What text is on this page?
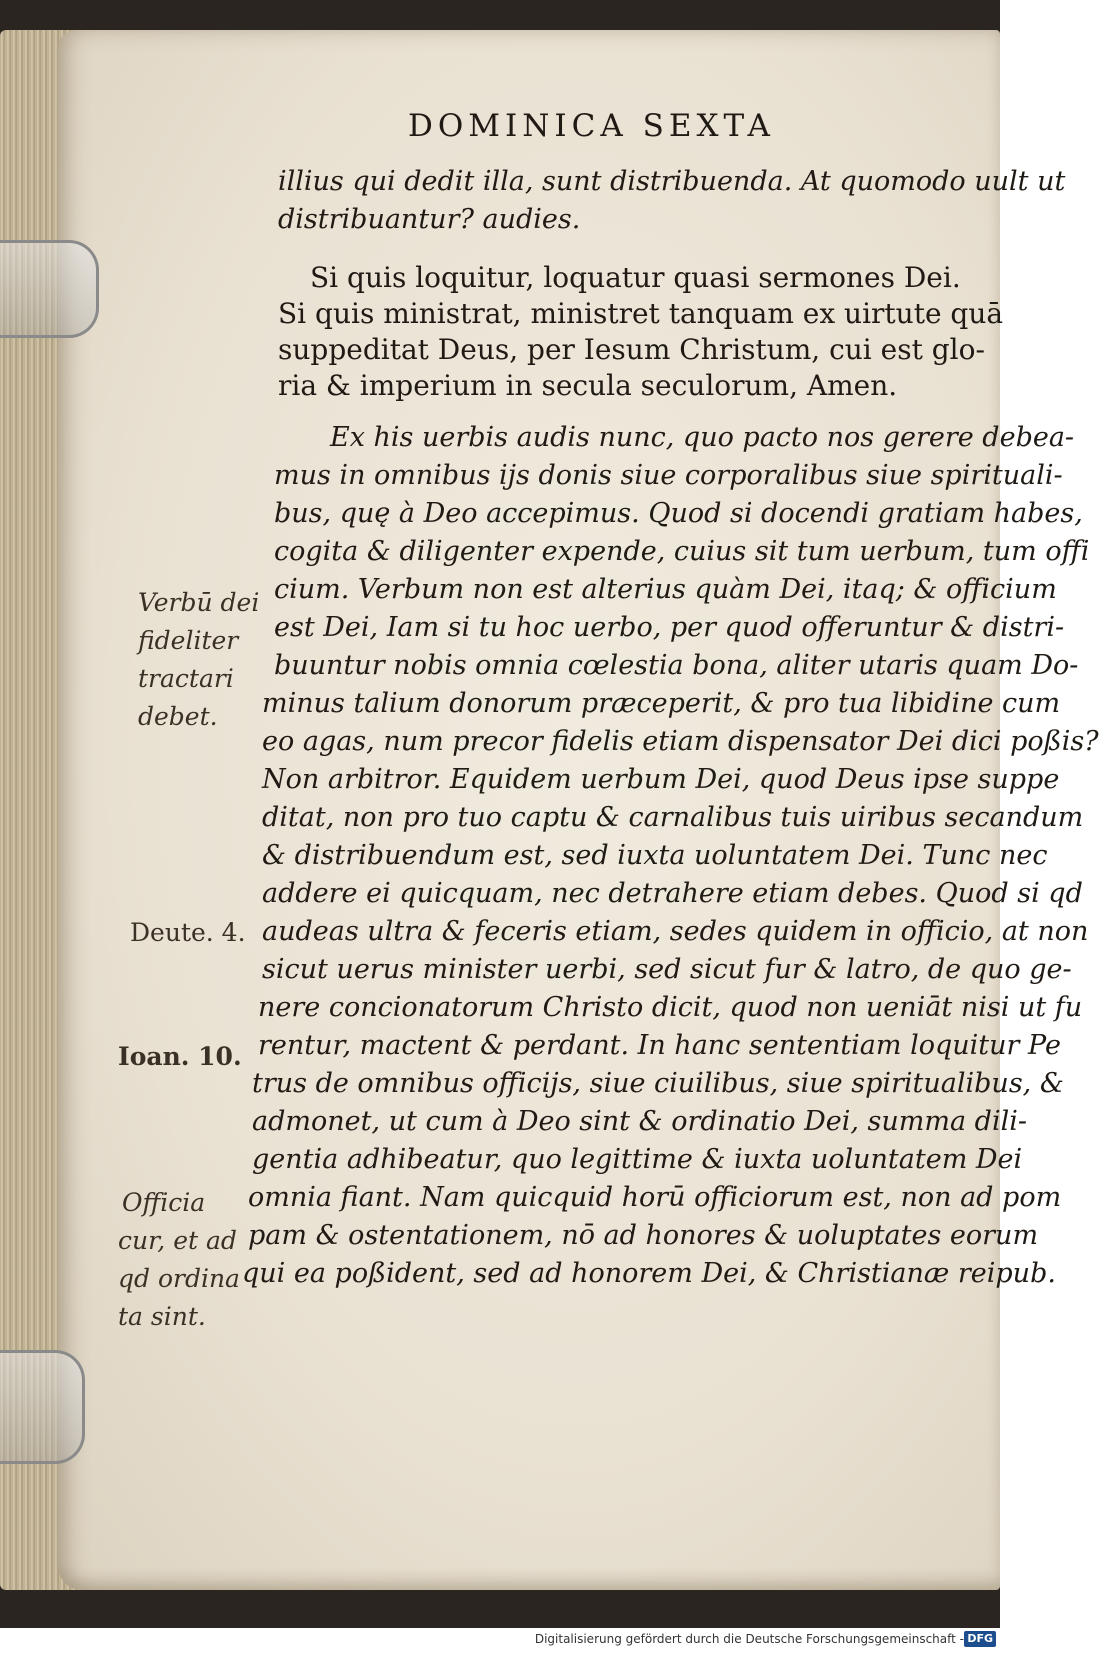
DOMINICA SEXTA
illius qui dedit illa, sunt distribuenda. At quomodo uult ut
distribuantur? audies.
Si quis loquitur, loquatur quasi sermones Dei.
Si quis ministrat, ministret tanquam ex uirtute quā
suppeditat Deus, per Iesum Christum, cui est glo-
ria & imperium in secula seculorum, Amen.
Ex his uerbis audis nunc, quo pacto nos gerere debea-
mus in omnibus ijs donis siue corporalibus siue spirituali-
bus, quę à Deo accepimus. Quod si docendi gratiam habes,
cogita & diligenter expende, cuius sit tum uerbum, tum offi
cium. Verbum non est alterius quàm Dei, itaq; & officium
est Dei, Iam si tu hoc uerbo, per quod offeruntur & distri-
buuntur nobis omnia cœlestia bona, aliter utaris quam Do-
minus talium donorum præceperit, & pro tua libidine cum
eo agas, num precor fidelis etiam dispensator Dei dici poßis?
Non arbitror. Equidem uerbum Dei, quod Deus ipse suppe
ditat, non pro tuo captu & carnalibus tuis uiribus secandum
& distribuendum est, sed iuxta uoluntatem Dei. Tunc nec
addere ei quicquam, nec detrahere etiam debes. Quod si qd
audeas ultra & feceris etiam, sedes quidem in officio, at non
sicut uerus minister uerbi, sed sicut fur & latro, de quo ge-
nere concionatorum Christo dicit, quod non ueniāt nisi ut fu
rentur, mactent & perdant. In hanc sententiam loquitur Pe
trus de omnibus officijs, siue ciuilibus, siue spiritualibus, &
admonet, ut cum à Deo sint & ordinatio Dei, summa dili-
gentia adhibeatur, quo legittime & iuxta uoluntatem Dei
omnia fiant. Nam quicquid horū officiorum est, non ad pom
pam & ostentationem, nō ad honores & uoluptates eorum
qui ea poßident, sed ad honorem Dei, & Christianæ reipub.
Verbū dei
fideliter
tractari
debet.
Deute. 4.
Ioan. 10.
Officia
cur, et ad
qd ordina
ta sint.
Digitalisierung gefördert durch die Deutsche Forschungsgemeinschaft - DFG
